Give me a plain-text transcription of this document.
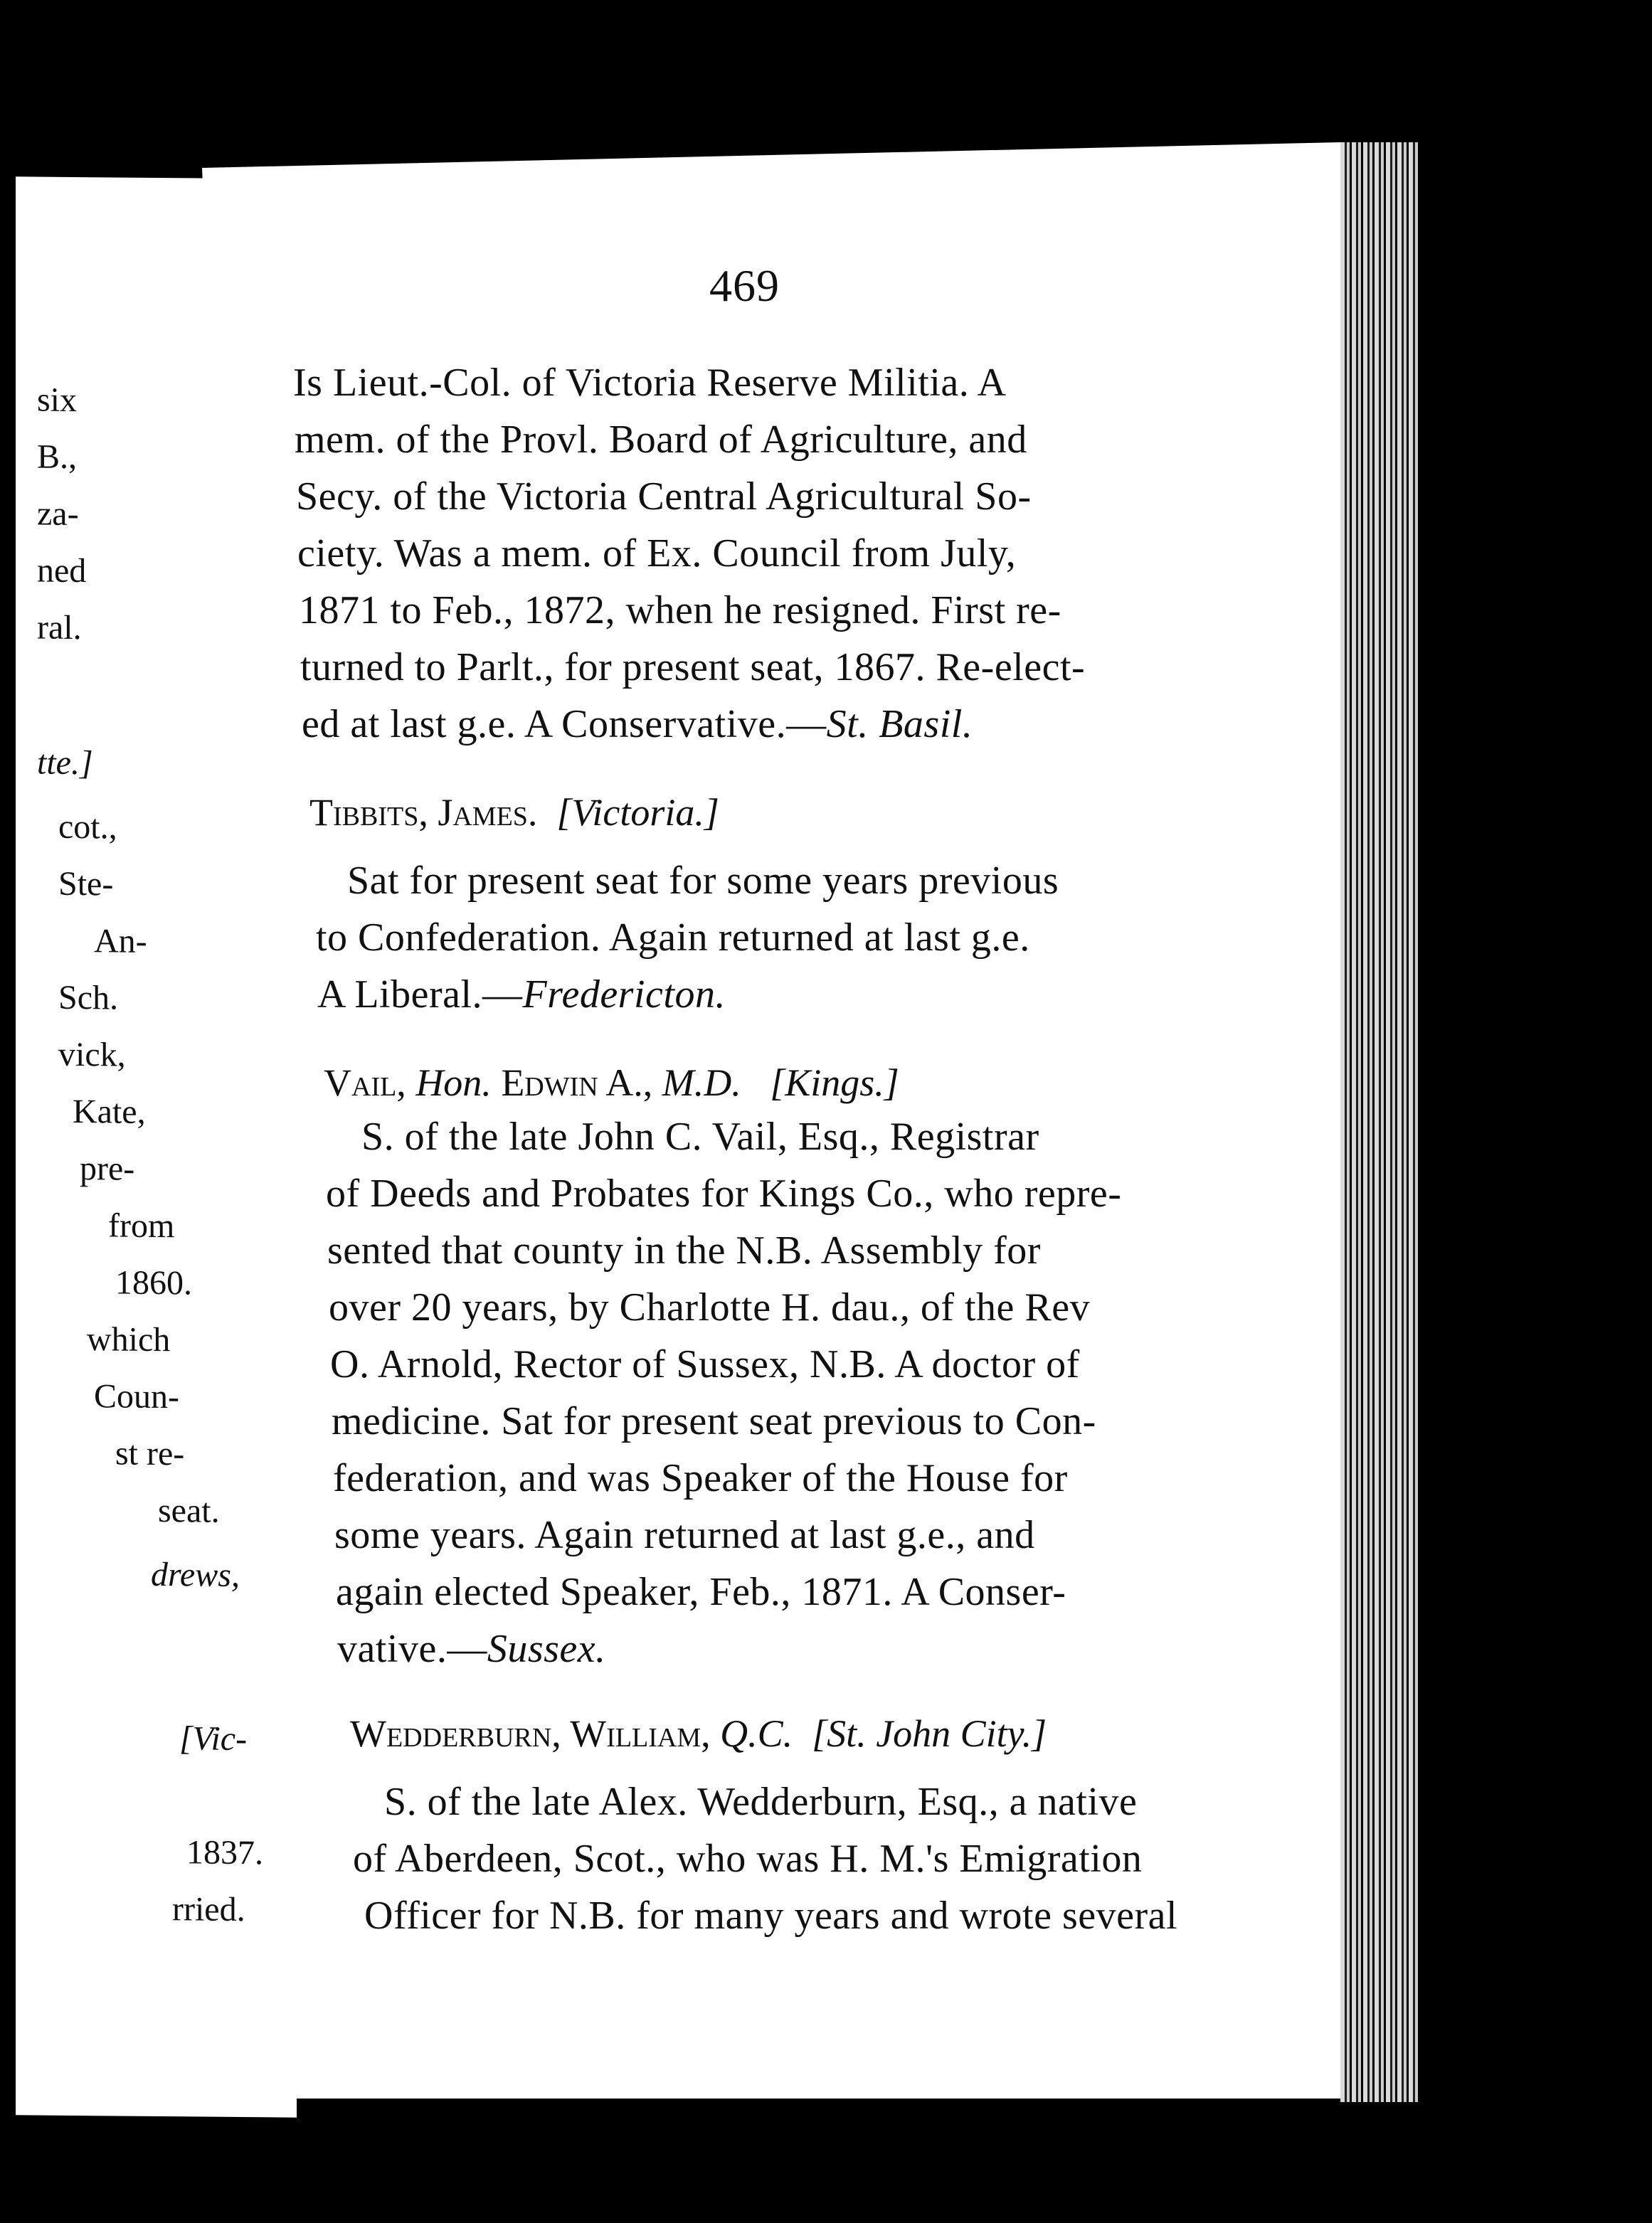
six
B.,
za-
ned
ral.
tte.]
cot.,
Ste-
An-
Sch.
vick,
Kate,
pre-
from
1860.
which
Coun-
st re-
seat.
drews,
[Vic-
1837.
rried.
469
Is Lieut.-Col. of Victoria Reserve Militia. A
mem. of the Provl. Board of Agriculture, and
Secy. of the Victoria Central Agricultural So-
ciety. Was a mem. of Ex. Council from July,
1871 to Feb., 1872, when he resigned. First re-
turned to Parlt., for present seat, 1867. Re-elect-
ed at last g.e. A Conservative.—St. Basil.
Tibbits, James. [Victoria.]
Sat for present seat for some years previous
to Confederation. Again returned at last g.e.
A Liberal.—Fredericton.
Vail, Hon. Edwin A., M.D. [Kings.]
S. of the late John C. Vail, Esq., Registrar
of Deeds and Probates for Kings Co., who repre-
sented that county in the N.B. Assembly for
over 20 years, by Charlotte H. dau., of the Rev
O. Arnold, Rector of Sussex, N.B. A doctor of
medicine. Sat for present seat previous to Con-
federation, and was Speaker of the House for
some years. Again returned at last g.e., and
again elected Speaker, Feb., 1871. A Conser-
vative.—Sussex.
Wedderburn, William, Q.C. [St. John City.]
S. of the late Alex. Wedderburn, Esq., a native
of Aberdeen, Scot., who was H. M.'s Emigration
Officer for N.B. for many years and wrote several
